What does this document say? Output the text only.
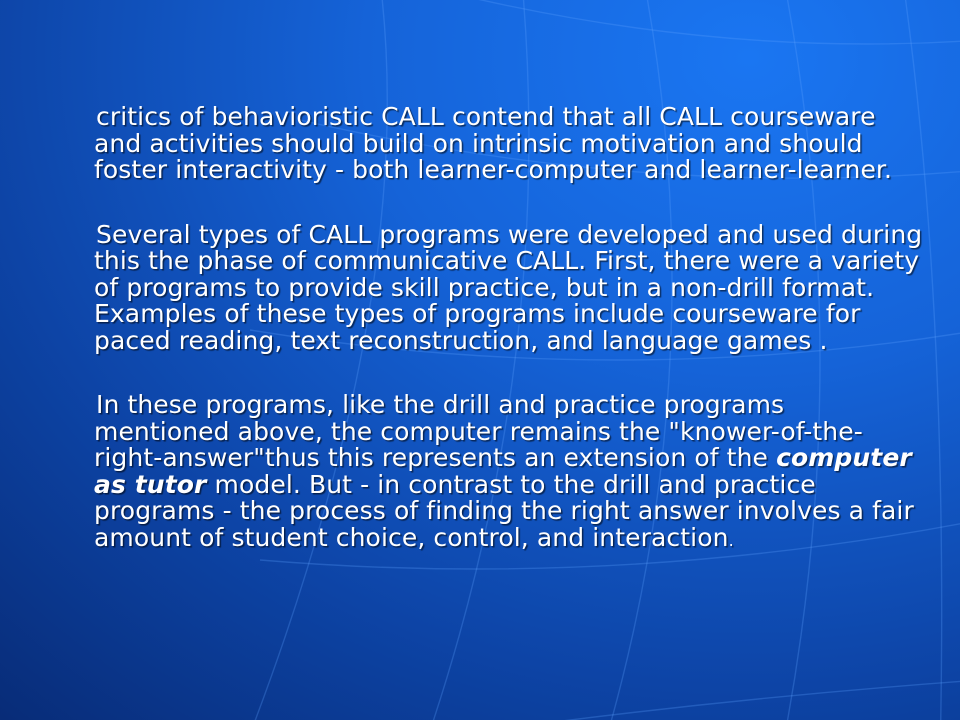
critics of behavioristic CALL contend that all CALL courseware and activities should build on intrinsic motivation and should foster interactivity - both learner-computer and learner-learner.

Several types of CALL programs were developed and used during this the phase of communicative CALL. First, there were a variety of programs to provide skill practice, but in a non-drill format. Examples of these types of programs include courseware for paced reading, text reconstruction, and language games .

In these programs, like the drill and practice programs mentioned above, the computer remains the "knower-of-the-right-answer"thus this represents an extension of the computer as tutor model. But - in contrast to the drill and practice programs - the process of finding the right answer involves a fair amount of student choice, control, and interaction.
